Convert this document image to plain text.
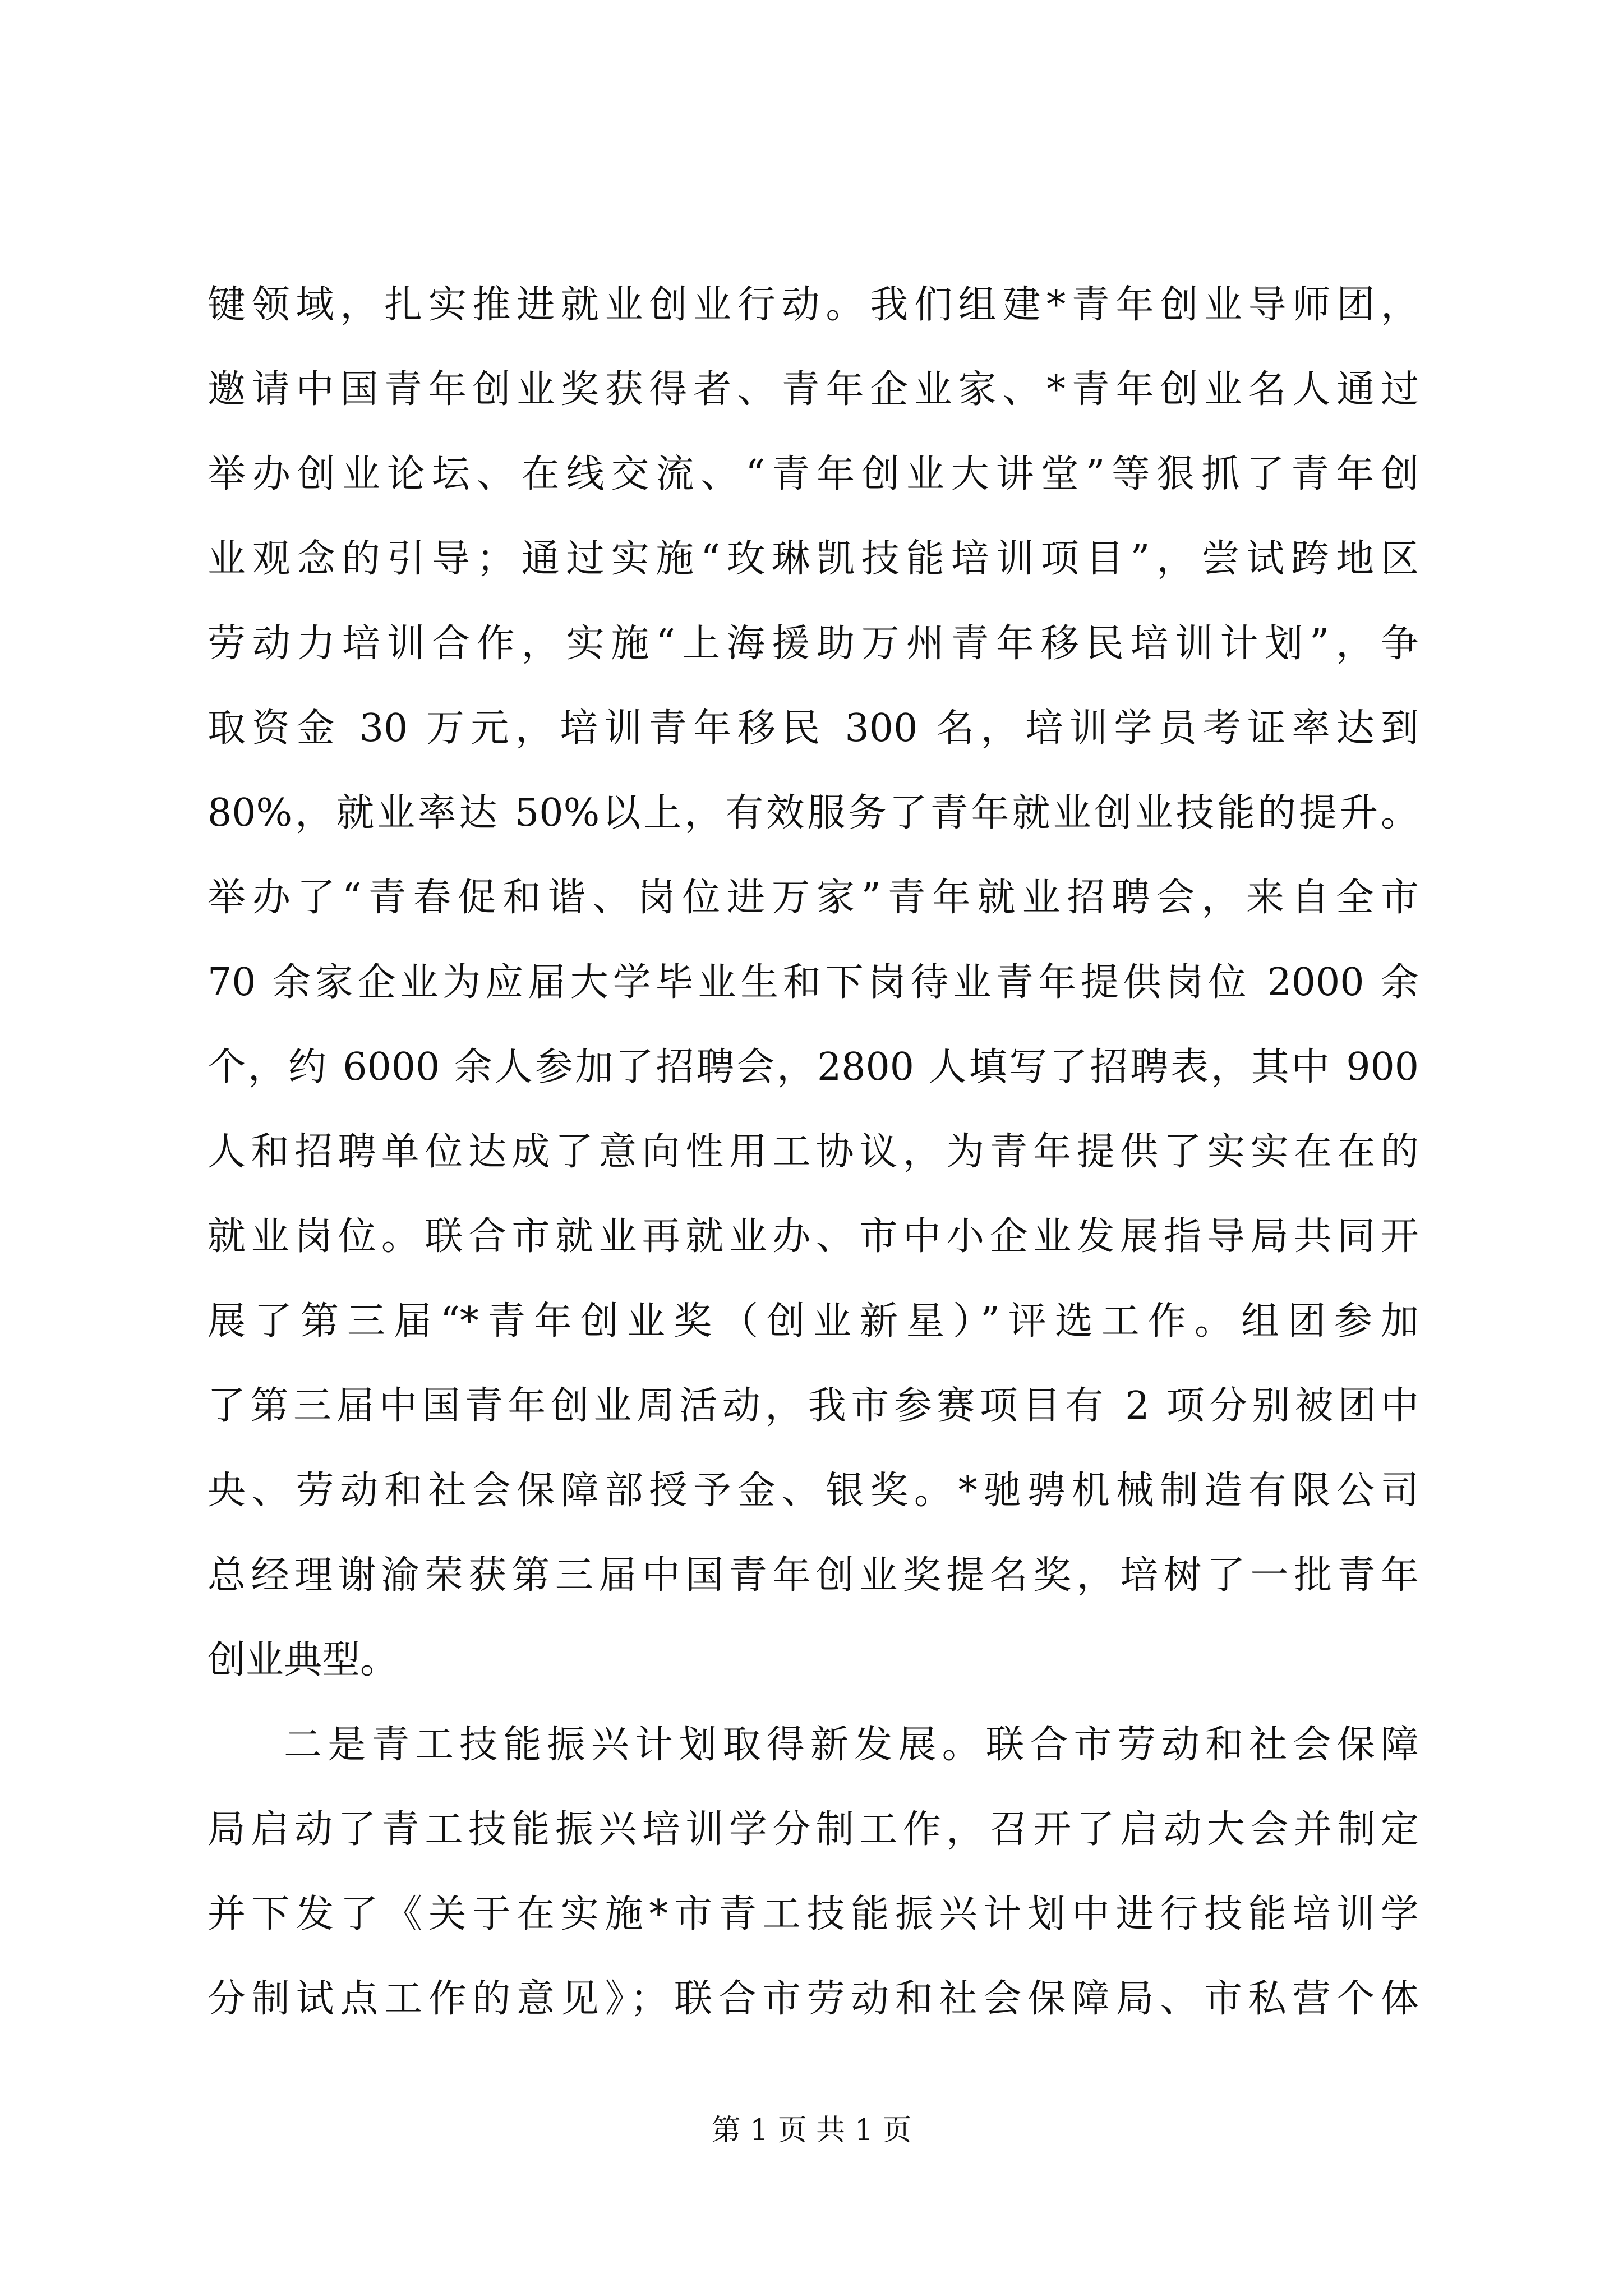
键领域，扎实推进就业创业行动。我们组建*青年创业导师团，
邀请中国青年创业奖获得者、青年企业家、*青年创业名人通过
举办创业论坛、在线交流、“青年创业大讲堂”等狠抓了青年创
业观念的引导；通过实施“玫琳凯技能培训项目”，尝试跨地区
劳动力培训合作，实施“上海援助万州青年移民培训计划”，争
取资金 30 万元，培训青年移民 300 名，培训学员考证率达到
80%，就业率达 50%以上，有效服务了青年就业创业技能的提升。
举办了“青春促和谐、岗位进万家”青年就业招聘会，来自全市
70 余家企业为应届大学毕业生和下岗待业青年提供岗位 2000 余
个，约 6000 余人参加了招聘会，2800 人填写了招聘表，其中 900
人和招聘单位达成了意向性用工协议，为青年提供了实实在在的
就业岗位。联合市就业再就业办、市中小企业发展指导局共同开
展了第三届“*青年创业奖（创业新星）”评选工作。组团参加
了第三届中国青年创业周活动，我市参赛项目有 2 项分别被团中
央、劳动和社会保障部授予金、银奖。*驰骋机械制造有限公司
总经理谢渝荣获第三届中国青年创业奖提名奖，培树了一批青年
创业典型。
二是青工技能振兴计划取得新发展。联合市劳动和社会保障
局启动了青工技能振兴培训学分制工作，召开了启动大会并制定
并下发了《关于在实施*市青工技能振兴计划中进行技能培训学
分制试点工作的意见》；联合市劳动和社会保障局、市私营个体
第 1 页 共 1 页
